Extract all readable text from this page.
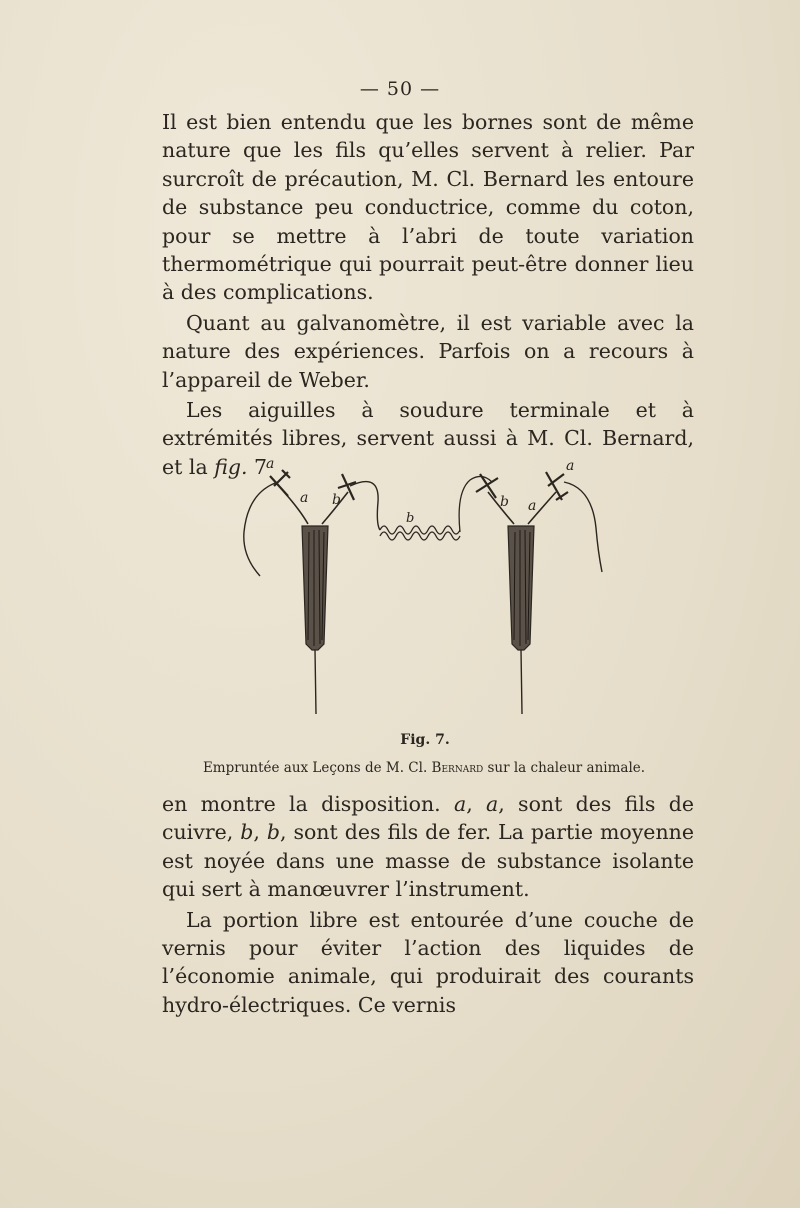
— 50 —

Il est bien entendu que les bornes sont de même nature que les fils qu’elles servent à relier. Par surcroît de précaution, M. Cl. Bernard les entoure de substance peu conductrice, comme du coton, pour se mettre à l’abri de toute variation thermométrique qui pourrait peut-être donner lieu à des complications.

Quant au galvanomètre, il est variable avec la nature des expériences. Parfois on a recours à l’appareil de Weber.

Les aiguilles à soudure terminale et à extrémités libres, servent aussi à M. Cl. Bernard, et la fig. 7

a
a b
b
b a
a
Fig. 7.
Empruntée aux Leçons de M. Cl. Bernard sur la chaleur animale.

en montre la disposition. a, a, sont des fils de cuivre, b, b, sont des fils de fer. La partie moyenne est noyée dans une masse de substance isolante qui sert à manœuvrer l’instrument.

La portion libre est entourée d’une couche de vernis pour éviter l’action des liquides de l’économie animale, qui produirait des courants hydro-électriques. Ce vernis
